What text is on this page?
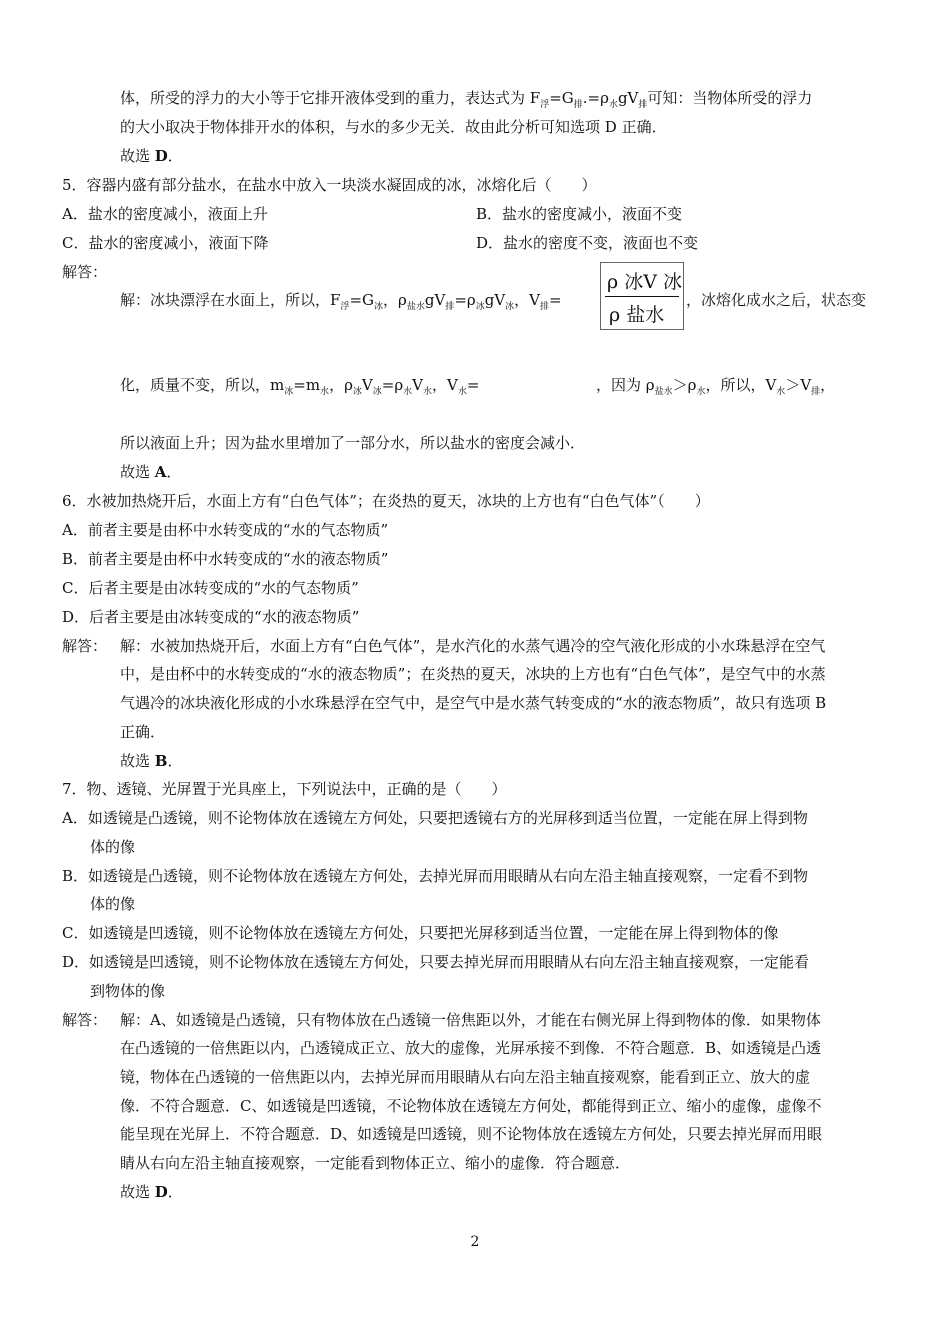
体，所受的浮力的大小等于它排开液体受到的重力，表达式为 $F_浮=G_排.=\rho_水gV_排$可知：当物体所受的浮力
的大小取决于物体排开水的体积，与水的多少无关．故由此分析可知选项 D 正确．
故选 D．
5．容器内盛有部分盐水，在盐水中放入一块淡水凝固成的冰，冰熔化后（　　）
A．盐水的密度减小，液面上升	B．盐水的密度减小，液面不变
C．盐水的密度减小，液面下降	D．盐水的密度不变，液面也不变
解答：
解：冰块漂浮在水面上，所以，$F_浮=G_冰$，$\rho_{盐水}gV_排=\rho_冰gV_冰$，$V_排=$
ρ 冰V 冰
ρ 盐水
，冰熔化成水之后，状态变
化，质量不变，所以，$m_冰=m_水$，$\rho_冰V_冰=\rho_水V_水$，$V_水=$	，因为 $\rho_{盐水}>\rho_水$，所以，$V_水>V_排$，
所以液面上升；因为盐水里增加了一部分水，所以盐水的密度会减小．
故选 A．
6．水被加热烧开后，水面上方有“白色气体”；在炎热的夏天，冰块的上方也有“白色气体”（　　）
A．前者主要是由杯中水转变成的“水的气态物质”
B．前者主要是由杯中水转变成的“水的液态物质”
C．后者主要是由冰转变成的“水的气态物质”
D．后者主要是由冰转变成的“水的液态物质”
解答： 解：水被加热烧开后，水面上方有“白色气体”，是水汽化的水蒸气遇冷的空气液化形成的小水珠悬浮在空气
中，是由杯中的水转变成的“水的液态物质”；在炎热的夏天，冰块的上方也有“白色气体”，是空气中的水蒸
气遇冷的冰块液化形成的小水珠悬浮在空气中，是空气中是水蒸气转变成的“水的液态物质”，故只有选项 B
正确．
故选 B．
7．物、透镜、光屏置于光具座上，下列说法中，正确的是（　　）
A．如透镜是凸透镜，则不论物体放在透镜左方何处，只要把透镜右方的光屏移到适当位置，一定能在屏上得到物
体的像
B．如透镜是凸透镜，则不论物体放在透镜左方何处，去掉光屏而用眼睛从右向左沿主轴直接观察，一定看不到物
体的像
C．如透镜是凹透镜，则不论物体放在透镜左方何处，只要把光屏移到适当位置，一定能在屏上得到物体的像
D．如透镜是凹透镜，则不论物体放在透镜左方何处，只要去掉光屏而用眼睛从右向左沿主轴直接观察，一定能看
到物体的像
解答： 解：A、如透镜是凸透镜，只有物体放在凸透镜一倍焦距以外，才能在右侧光屏上得到物体的像．如果物体
在凸透镜的一倍焦距以内，凸透镜成正立、放大的虚像，光屏承接不到像．不符合题意．B、如透镜是凸透
镜，物体在凸透镜的一倍焦距以内，去掉光屏而用眼睛从右向左沿主轴直接观察，能看到正立、放大的虚
像．不符合题意．C、如透镜是凹透镜，不论物体放在透镜左方何处，都能得到正立、缩小的虚像，虚像不
能呈现在光屏上．不符合题意．D、如透镜是凹透镜，则不论物体放在透镜左方何处，只要去掉光屏而用眼
睛从右向左沿主轴直接观察，一定能看到物体正立、缩小的虚像．符合题意．
故选 D．
2
